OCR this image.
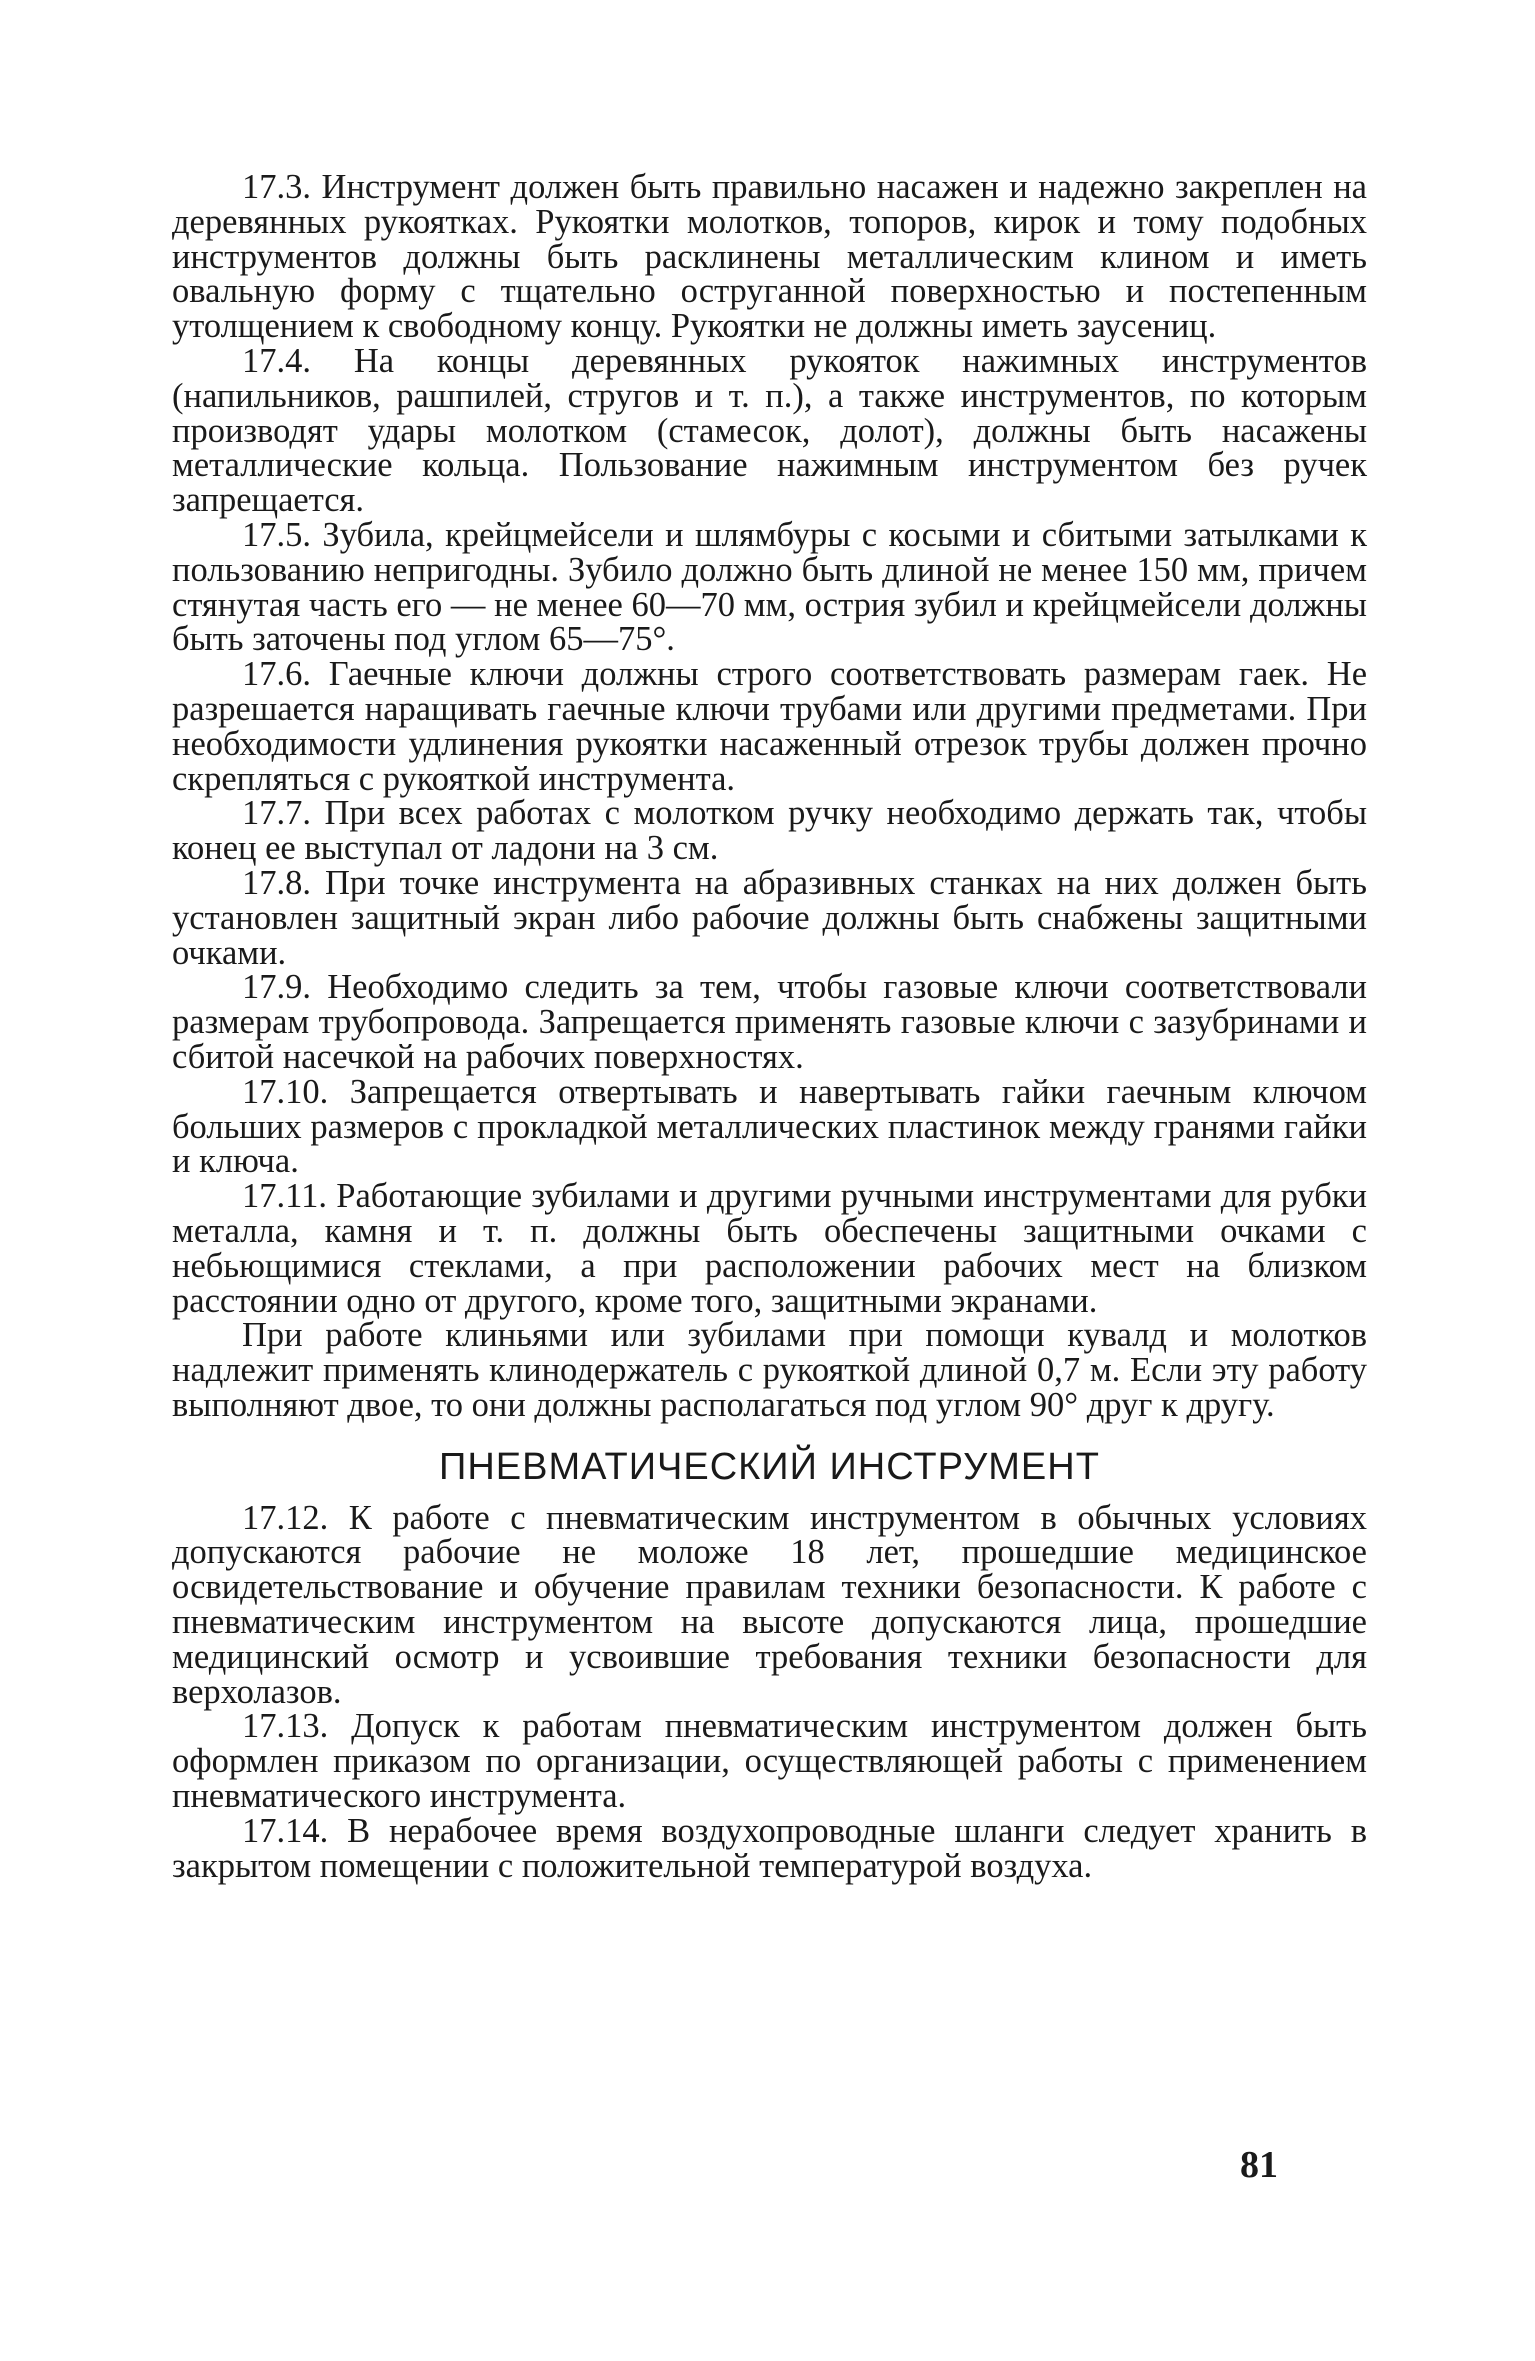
17.3. Инструмент должен быть правильно насажен и надежно закреплен на деревянных рукоятках. Рукоятки молотков, топоров, кирок и тому подобных инструментов должны быть расклинены металлическим клином и иметь овальную форму с тщательно оструганной поверхностью и постепенным утолщением к свободному концу. Рукоятки не должны иметь заусениц.

17.4. На концы деревянных рукояток нажимных инструментов (напильников, рашпилей, стругов и т. п.), а также инструментов, по которым производят удары молотком (стамесок, долот), должны быть насажены металлические кольца. Пользование нажимным инструментом без ручек запрещается.

17.5. Зубила, крейцмейсели и шлямбуры с косыми и сбитыми затылками к пользованию непригодны. Зубило должно быть длиной не менее 150 мм, причем стянутая часть его — не менее 60—70 мм, острия зубил и крейцмейсели должны быть заточены под углом 65—75°.

17.6. Гаечные ключи должны строго соответствовать размерам гаек. Не разрешается наращивать гаечные ключи трубами или другими предметами. При необходимости удлинения рукоятки насаженный отрезок трубы должен прочно скрепляться с рукояткой инструмента.

17.7. При всех работах с молотком ручку необходимо держать так, чтобы конец ее выступал от ладони на 3 см.

17.8. При точке инструмента на абразивных станках на них должен быть установлен защитный экран либо рабочие должны быть снабжены защитными очками.

17.9. Необходимо следить за тем, чтобы газовые ключи соответствовали размерам трубопровода. Запрещается применять газовые ключи с зазубринами и сбитой насечкой на рабочих поверхностях.

17.10. Запрещается отвертывать и навертывать гайки гаечным ключом больших размеров с прокладкой металлических пластинок между гранями гайки и ключа.

17.11. Работающие зубилами и другими ручными инструментами для рубки металла, камня и т. п. должны быть обеспечены защитными очками с небьющимися стеклами, а при расположении рабочих мест на близком расстоянии одно от другого, кроме того, защитными экранами.

При работе клиньями или зубилами при помощи кувалд и молотков надлежит применять клинодержатель с рукояткой длиной 0,7 м. Если эту работу выполняют двое, то они должны располагаться под углом 90° друг к другу.

ПНЕВМАТИЧЕСКИЙ ИНСТРУМЕНТ

17.12. К работе с пневматическим инструментом в обычных условиях допускаются рабочие не моложе 18 лет, прошедшие медицинское освидетельствование и обучение правилам техники безопасности. К работе с пневматическим инструментом на высоте допускаются лица, прошедшие медицинский осмотр и усвоившие требования техники безопасности для верхолазов.

17.13. Допуск к работам пневматическим инструментом должен быть оформлен приказом по организации, осуществляющей работы с применением пневматического инструмента.

17.14. В нерабочее время воздухопроводные шланги следует хранить в закрытом помещении с положительной температурой воздуха.

81
